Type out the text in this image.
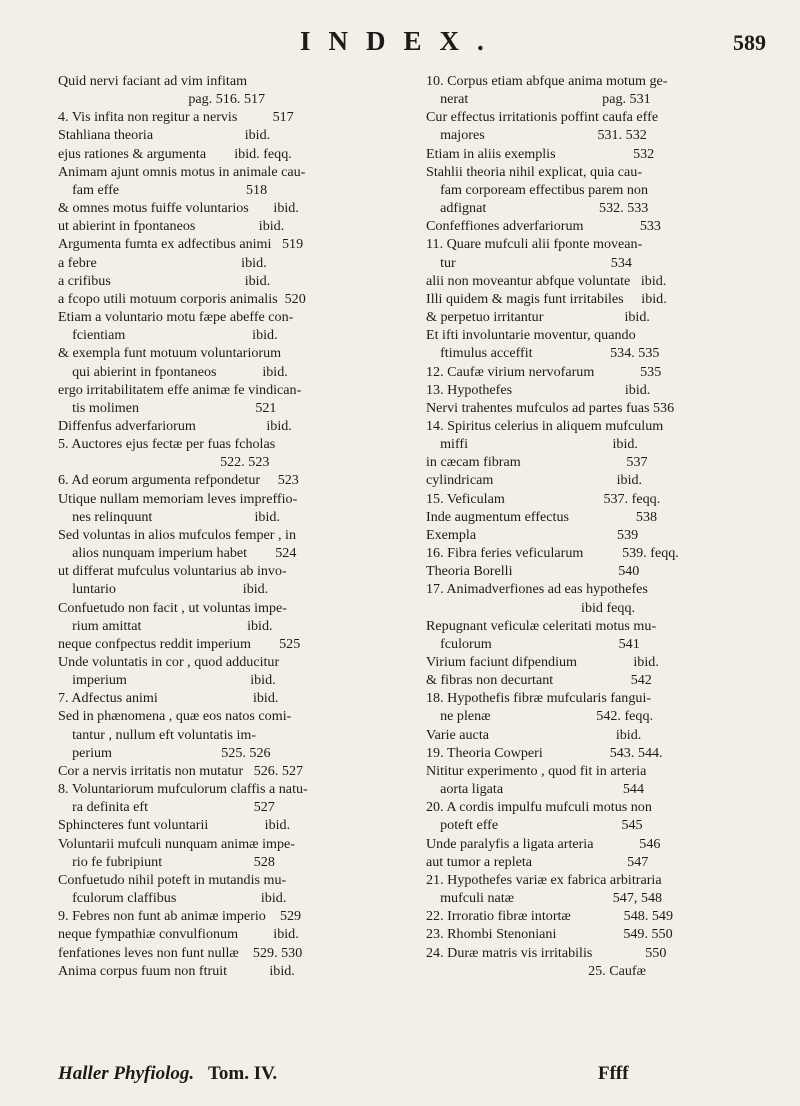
INDEX.	589
Quid nervi faciant ad vim infitam
pag. 516. 517
4. Vis infita non regitur a nervis          517
Stahliana theoria                          ibid.
ejus rationes & argumenta        ibid. feqq.
Animam ajunt omnis motus in animale cau-
fam effe                                    518
& omnes motus fuiffe voluntarios       ibid.
ut abierint in fpontaneos                  ibid.
Argumenta fumta ex adfectibus animi   519
a febre                                         ibid.
a crifibus                                      ibid.
a fcopo utili motuum corporis animalis  520
Etiam a voluntario motu fæpe abeffe con-
fcientiam                                    ibid.
& exempla funt motuum voluntariorum
qui abierint in fpontaneos             ibid.
ergo irritabilitatem effe animæ fe vindican-
tis molimen                                 521
Diffenfus adverfariorum                    ibid.
5. Auctores ejus fectæ per fuas fcholas
522. 523
6. Ad eorum argumenta refpondetur     523
Utique nullam memoriam leves impreffio-
nes relinquunt                             ibid.
Sed voluntas in alios mufculos femper , in
alios nunquam imperium habet        524
ut differat mufculus voluntarius ab invo-
luntario                                    ibid.
Confuetudo non facit , ut voluntas impe-
rium amittat                              ibid.
neque confpectus reddit imperium        525
Unde voluntatis in cor , quod adducitur
imperium                                   ibid.
7. Adfectus animi                           ibid.
Sed in phænomena , quæ eos natos comi-
tantur , nullum eft voluntatis im-
perium                               525. 526
Cor a nervis irritatis non mutatur   526. 527
8. Voluntariorum mufculorum claffis a natu-
ra definita eft                              527
Sphincteres funt voluntarii                ibid.
Voluntarii mufculi nunquam animæ impe-
rio fe fubripiunt                          528
Confuetudo nihil poteft in mutandis mu-
fculorum claffibus                        ibid.
9. Febres non funt ab animæ imperio    529
neque fympathiæ convulfionum          ibid.
fenfationes leves non funt nullæ    529. 530
Anima corpus fuum non ftruit            ibid.
10. Corpus etiam abfque anima motum ge-
nerat                                      pag. 531
Cur effectus irritationis poffint caufa effe
majores                                531. 532
Etiam in aliis exemplis                      532
Stahlii theoria nihil explicat, quia cau-
fam corpoream effectibus parem non
adfignat                                532. 533
Confeffiones adverfariorum                533
11. Quare mufculi alii fponte movean-
tur                                            534
alii non moveantur abfque voluntate   ibid.
Illi quidem & magis funt irritabiles     ibid.
& perpetuo irritantur                       ibid.
Et ifti involuntarie moventur, quando
ftimulus acceffit                      534. 535
12. Caufæ virium nervofarum             535
13. Hypothefes                                ibid.
Nervi trahentes mufculos ad partes fuas 536
14. Spiritus celerius in aliquem mufculum
miffi                                         ibid.
in cæcam fibram                              537
cylindricam                                   ibid.
15. Veficulam                            537. feqq.
Inde augmentum effectus                   538
Exempla                                        539
16. Fibra feries veficularum           539. feqq.
Theoria Borelli                              540
17. Animadverfiones ad eas hypothefes
ibid feqq.
Repugnant veficulæ celeritati motus mu-
fculorum                                    541
Virium faciunt difpendium                ibid.
& fibras non decurtant                      542
18. Hypothefis fibræ mufcularis fangui-
ne plenæ                              542. feqq.
Varie aucta                                    ibid.
19. Theoria Cowperi                   543. 544.
Nititur experimento , quod fit in arteria
aorta ligata                                  544
20. A cordis impulfu mufculi motus non
poteft effe                                   545
Unde paralyfis a ligata arteria             546
aut tumor a repleta                           547
21. Hypothefes variæ ex fabrica arbitraria
mufculi natæ                            547, 548
22. Irroratio fibræ intortæ               548. 549
23. Rhombi Stenoniani                   549. 550
24. Duræ matris vis irritabilis               550
25. Caufæ
Haller Phyfiolog. Tom. IV.	Ffff
